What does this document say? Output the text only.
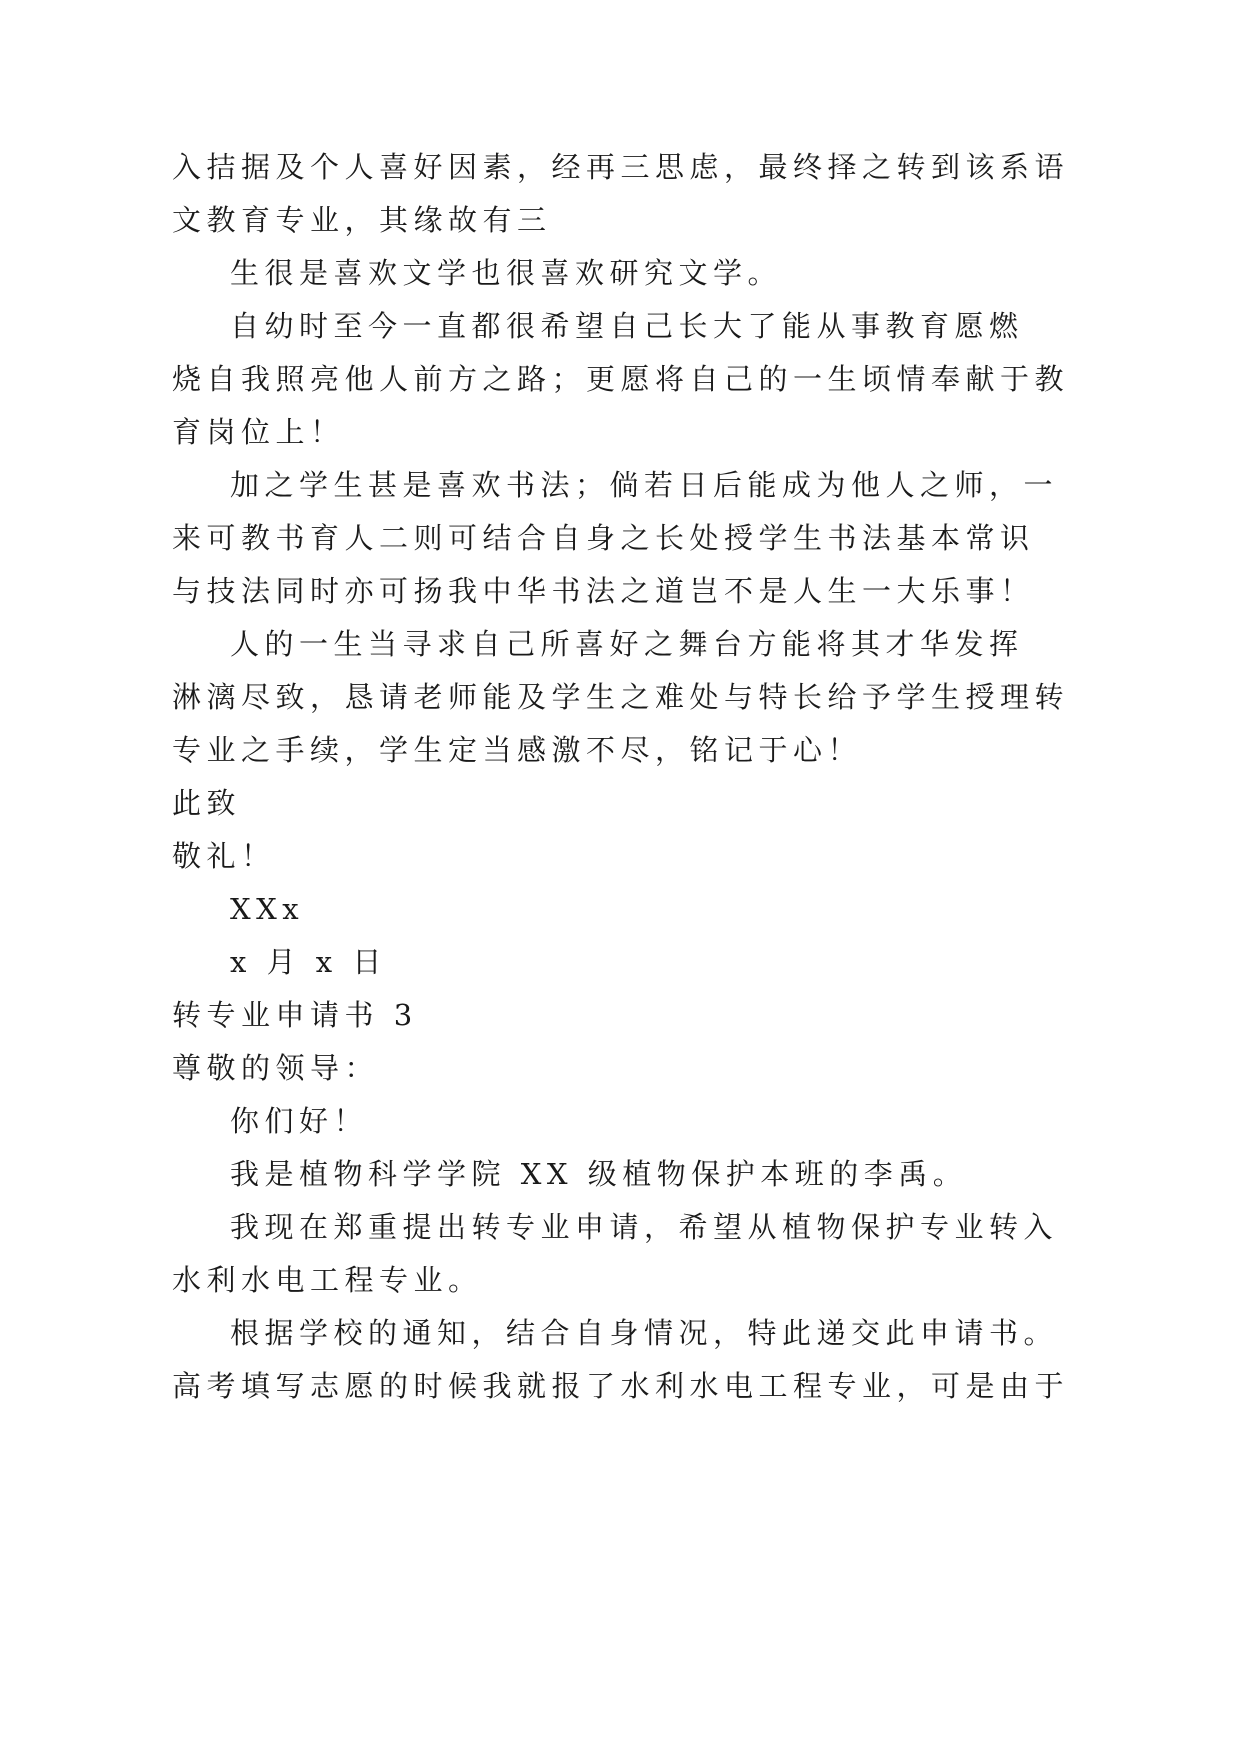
入拮据及个人喜好因素，经再三思虑，最终择之转到该系语

文教育专业，其缘故有三

生很是喜欢文学也很喜欢研究文学。

自幼时至今一直都很希望自己长大了能从事教育愿燃

烧自我照亮他人前方之路；更愿将自己的一生顷情奉献于教

育岗位上！

加之学生甚是喜欢书法；倘若日后能成为他人之师，一

来可教书育人二则可结合自身之长处授学生书法基本常识

与技法同时亦可扬我中华书法之道岂不是人生一大乐事！

人的一生当寻求自己所喜好之舞台方能将其才华发挥

淋漓尽致，恳请老师能及学生之难处与特长给予学生授理转

专业之手续，学生定当感激不尽，铭记于心！

此致

敬礼！

XXx

x 月 x 日

转专业申请书 3

尊敬的领导：

你们好！

我是植物科学学院 XX 级植物保护本班的李禹。

我现在郑重提出转专业申请，希望从植物保护专业转入

水利水电工程专业。

根据学校的通知，结合自身情况，特此递交此申请书。

高考填写志愿的时候我就报了水利水电工程专业，可是由于
